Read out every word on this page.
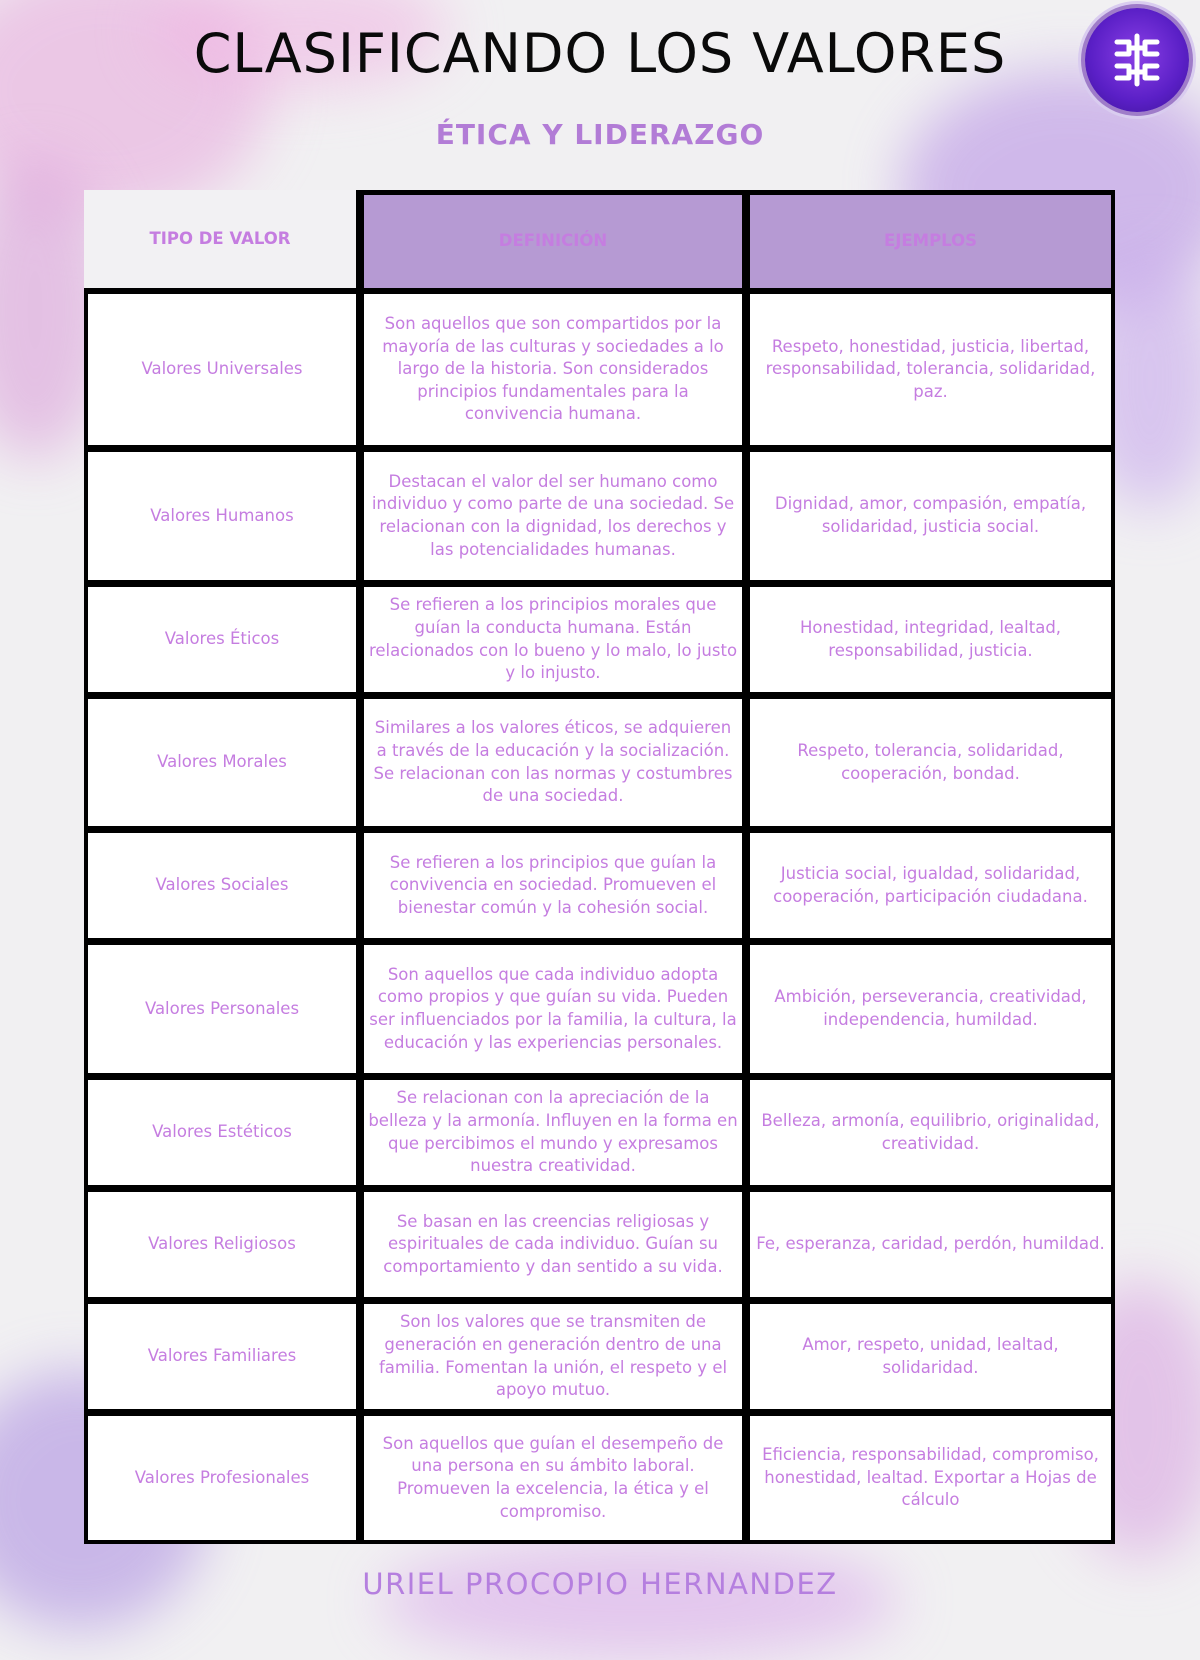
CLASIFICANDO LOS VALORES
ÉTICA Y LIDERAZGO
TIPO DE VALOR	DEFINICIÓN	EJEMPLOS
Valores Universales	Son aquellos que son compartidos por la mayoría de las culturas y sociedades a lo largo de la historia. Son considerados principios fundamentales para la convivencia humana.	Respeto, honestidad, justicia, libertad, responsabilidad, tolerancia, solidaridad, paz.
Valores Humanos	Destacan el valor del ser humano como individuo y como parte de una sociedad. Se relacionan con la dignidad, los derechos y las potencialidades humanas.	Dignidad, amor, compasión, empatía, solidaridad, justicia social.
Valores Éticos	Se refieren a los principios morales que guían la conducta humana. Están relacionados con lo bueno y lo malo, lo justo y lo injusto.	Honestidad, integridad, lealtad, responsabilidad, justicia.
Valores Morales	Similares a los valores éticos, se adquieren a través de la educación y la socialización. Se relacionan con las normas y costumbres de una sociedad.	Respeto, tolerancia, solidaridad, cooperación, bondad.
Valores Sociales	Se refieren a los principios que guían la convivencia en sociedad. Promueven el bienestar común y la cohesión social.	Justicia social, igualdad, solidaridad, cooperación, participación ciudadana.
Valores Personales	Son aquellos que cada individuo adopta como propios y que guían su vida. Pueden ser influenciados por la familia, la cultura, la educación y las experiencias personales.	Ambición, perseverancia, creatividad, independencia, humildad.
Valores Estéticos	Se relacionan con la apreciación de la belleza y la armonía. Influyen en la forma en que percibimos el mundo y expresamos nuestra creatividad.	Belleza, armonía, equilibrio, originalidad, creatividad.
Valores Religiosos	Se basan en las creencias religiosas y espirituales de cada individuo. Guían su comportamiento y dan sentido a su vida.	Fe, esperanza, caridad, perdón, humildad.
Valores Familiares	Son los valores que se transmiten de generación en generación dentro de una familia. Fomentan la unión, el respeto y el apoyo mutuo.	Amor, respeto, unidad, lealtad, solidaridad.
Valores Profesionales	Son aquellos que guían el desempeño de una persona en su ámbito laboral. Promueven la excelencia, la ética y el compromiso.	Eficiencia, responsabilidad, compromiso, honestidad, lealtad. Exportar a Hojas de cálculo

URIEL PROCOPIO HERNANDEZ
